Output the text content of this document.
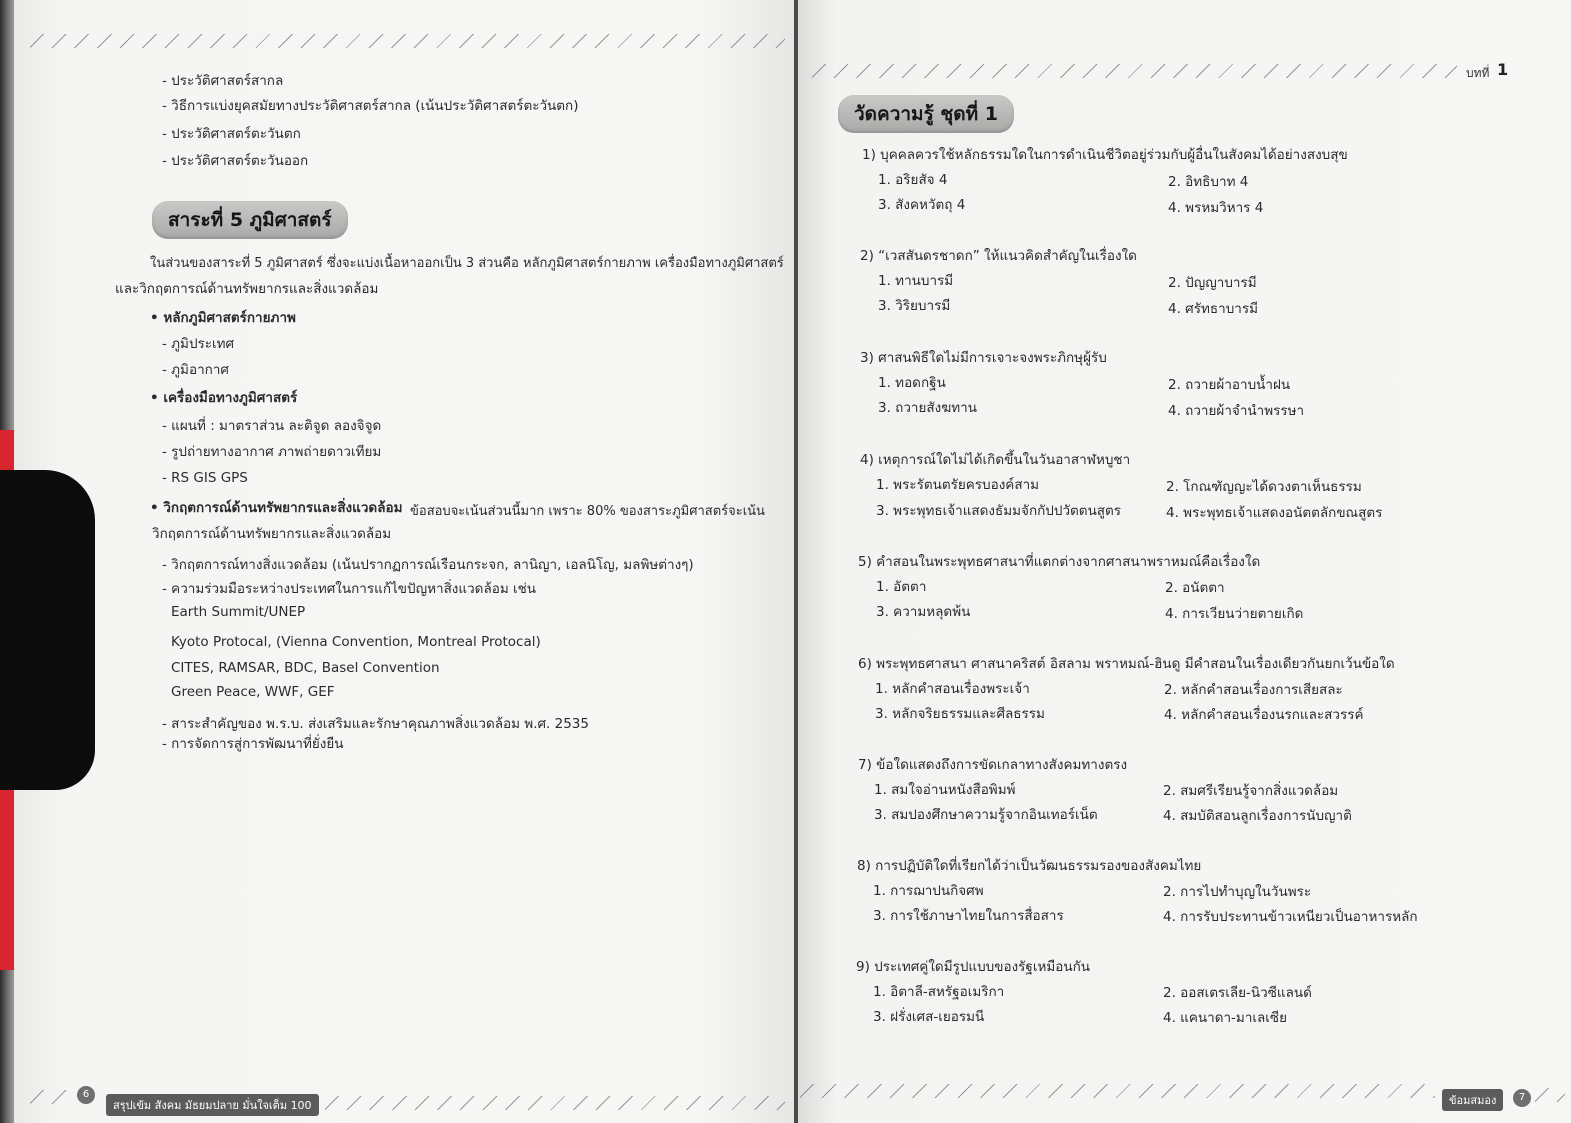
- ประวัติศาสตร์สากล
- วิธีการแบ่งยุคสมัยทางประวัติศาสตร์สากล (เน้นประวัติศาสตร์ตะวันตก)
- ประวัติศาสตร์ตะวันตก
- ประวัติศาสตร์ตะวันออก
สาระที่ 5 ภูมิศาสตร์
ในส่วนของสาระที่ 5 ภูมิศาสตร์ ซึ่งจะแบ่งเนื้อหาออกเป็น 3 ส่วนคือ หลักภูมิศาสตร์กายภาพ เครื่องมือทางภูมิศาสตร์
และวิกฤตการณ์ด้านทรัพยากรและสิ่งแวดล้อม
• หลักภูมิศาสตร์กายภาพ
- ภูมิประเทศ
- ภูมิอากาศ
• เครื่องมือทางภูมิศาสตร์
- แผนที่ : มาตราส่วน ละติจูด ลองจิจูด
- รูปถ่ายทางอากาศ ภาพถ่ายดาวเทียม
- RS GIS GPS
• วิกฤตการณ์ด้านทรัพยากรและสิ่งแวดล้อม ข้อสอบจะเน้นส่วนนี้มาก เพราะ 80% ของสาระภูมิศาสตร์จะเน้น
วิกฤตการณ์ด้านทรัพยากรและสิ่งแวดล้อม
- วิกฤตการณ์ทางสิ่งแวดล้อม (เน้นปรากฏการณ์เรือนกระจก, ลานิญา, เอลนิโญ, มลพิษต่างๆ)
- ความร่วมมือระหว่างประเทศในการแก้ไขปัญหาสิ่งแวดล้อม เช่น
Earth Summit/UNEP
Kyoto Protocal, (Vienna Convention, Montreal Protocal)
CITES, RAMSAR, BDC, Basel Convention
Green Peace, WWF, GEF
- สาระสำคัญของ พ.ร.บ. ส่งเสริมและรักษาคุณภาพสิ่งแวดล้อม พ.ศ. 2535
- การจัดการสู่การพัฒนาที่ยั่งยืน
6
สรุปเข้ม สังคม มัธยมปลาย มั่นใจเต็ม 100
บทที่ 1
วัดความรู้ ชุดที่ 1
1) บุคคลควรใช้หลักธรรมใดในการดำเนินชีวิตอยู่ร่วมกับผู้อื่นในสังคมได้อย่างสงบสุข
1. อริยสัจ 4	2. อิทธิบาท 4
3. สังคหวัตถุ 4	4. พรหมวิหาร 4
2) “เวสสันดรชาดก” ให้แนวคิดสำคัญในเรื่องใด
1. ทานบารมี	2. ปัญญาบารมี
3. วิริยบารมี	4. ศรัทธาบารมี
3) ศาสนพิธีใดไม่มีการเจาะจงพระภิกษุผู้รับ
1. ทอดกฐิน	2. ถวายผ้าอาบน้ำฝน
3. ถวายสังฆทาน	4. ถวายผ้าจำนำพรรษา
4) เหตุการณ์ใดไม่ได้เกิดขึ้นในวันอาสาฬหบูชา
1. พระรัตนตรัยครบองค์สาม	2. โกณฑัญญะได้ดวงตาเห็นธรรม
3. พระพุทธเจ้าแสดงธัมมจักกัปปวัตตนสูตร	4. พระพุทธเจ้าแสดงอนัตตลักขณสูตร
5) คำสอนในพระพุทธศาสนาที่แตกต่างจากศาสนาพราหมณ์คือเรื่องใด
1. อัตตา	2. อนัตตา
3. ความหลุดพ้น	4. การเวียนว่ายตายเกิด
6) พระพุทธศาสนา ศาสนาคริสต์ อิสลาม พราหมณ์-ฮินดู มีคำสอนในเรื่องเดียวกันยกเว้นข้อใด
1. หลักคำสอนเรื่องพระเจ้า	2. หลักคำสอนเรื่องการเสียสละ
3. หลักจริยธรรมและศีลธรรม	4. หลักคำสอนเรื่องนรกและสวรรค์
7) ข้อใดแสดงถึงการขัดเกลาทางสังคมทางตรง
1. สมใจอ่านหนังสือพิมพ์	2. สมศรีเรียนรู้จากสิ่งแวดล้อม
3. สมปองศึกษาความรู้จากอินเทอร์เน็ต	4. สมบัติสอนลูกเรื่องการนับญาติ
8) การปฏิบัติใดที่เรียกได้ว่าเป็นวัฒนธรรมรองของสังคมไทย
1. การฌาปนกิจศพ	2. การไปทำบุญในวันพระ
3. การใช้ภาษาไทยในการสื่อสาร	4. การรับประทานข้าวเหนียวเป็นอาหารหลัก
9) ประเทศคู่ใดมีรูปแบบของรัฐเหมือนกัน
1. อิตาลี-สหรัฐอเมริกา	2. ออสเตรเลีย-นิวซีแลนด์
3. ฝรั่งเศส-เยอรมนี	4. แคนาดา-มาเลเซีย
ข้อมสมอง	7
